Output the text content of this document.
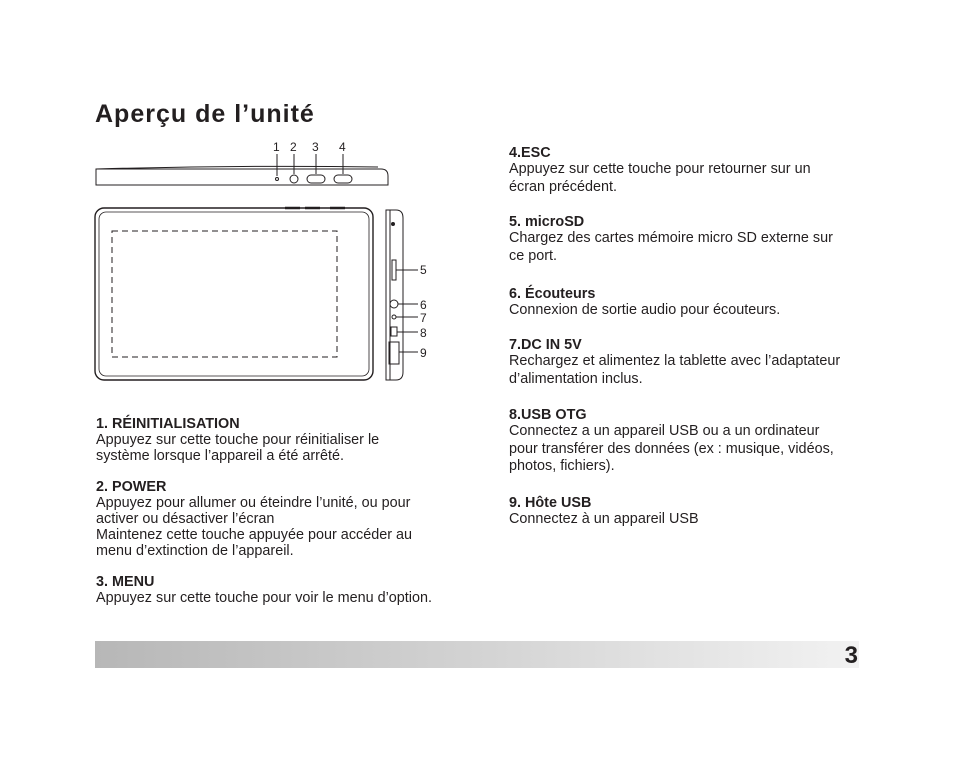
Aperçu de l’unité
1 2 3 4
5
6
7
8
9
1. RÉINITIALISATION

Appuyez sur cette touche pour réinitialiser le
système lorsque l’appareil a été arrêté.

2. POWER

Appuyez pour allumer ou éteindre l’unité, ou pour
activer ou désactiver l’écran
Maintenez cette touche appuyée pour accéder au
menu d’extinction de l’appareil.

3. MENU

Appuyez sur cette touche pour voir le menu d’option.

4.ESC

Appuyez sur cette touche pour retourner sur un
écran précédent.

5. microSD

Chargez des cartes mémoire micro SD externe sur
ce port.

6. Écouteurs

Connexion de sortie audio pour écouteurs.

7.DC IN 5V

Rechargez et alimentez la tablette avec l’adaptateur
d’alimentation inclus.

8.USB OTG

Connectez a un appareil USB ou a un ordinateur
pour transférer des données (ex : musique, vidéos,
photos, fichiers).

9. Hôte USB

Connectez à un appareil USB

3
